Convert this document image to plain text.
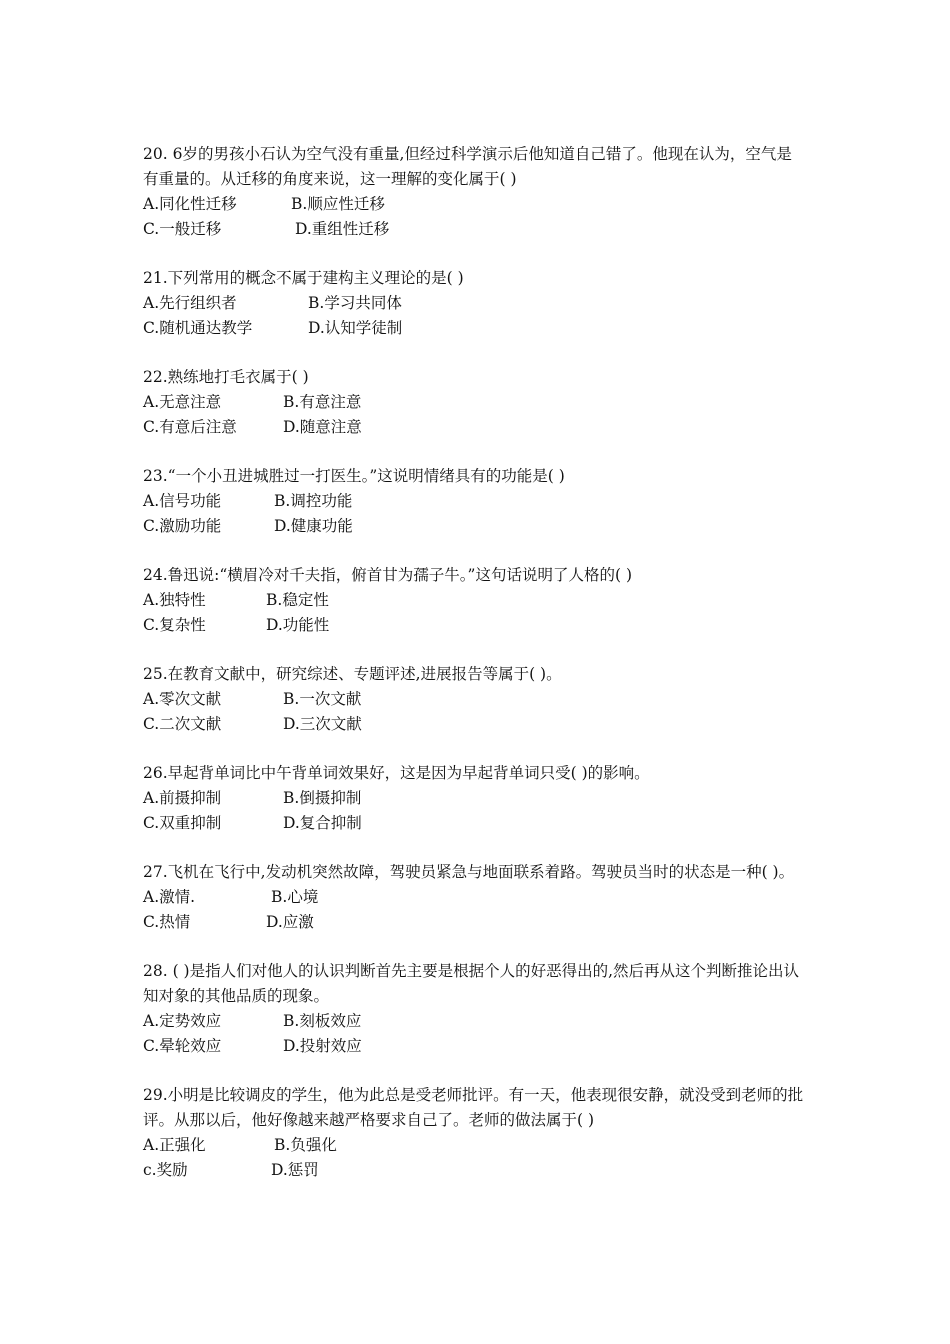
20. 6岁的男孩小石认为空气没有重量,但经过科学演示后他知道自己错了。他现在认为，空气是有重量的。从迁移的角度来说，这一理解的变化属于( )

A.同化性迁移	B.顺应性迁移
C.一般迁移	D.重组性迁移

21.下列常用的概念不属于建构主义理论的是( )

A.先行组织者	B.学习共同体
C.随机通达教学	D.认知学徒制

22.熟练地打毛衣属于( )

A.无意注意	B.有意注意
C.有意后注意	D.随意注意

23.“一个小丑进城胜过一打医生。”这说明情绪具有的功能是( )

A.信号功能	B.调控功能
C.激励功能	D.健康功能

24.鲁迅说:“横眉冷对千夫指，俯首甘为孺子牛。”这句话说明了人格的( )

A.独特性	B.稳定性
C.复杂性	D.功能性

25.在教育文献中，研究综述、专题评述,进展报告等属于( )。

A.零次文献	B.一次文献
C.二次文献	D.三次文献

26.早起背单词比中午背单词效果好，这是因为早起背单词只受( )的影响。

A.前摄抑制	B.倒摄抑制
C.双重抑制	D.复合抑制

27.飞机在飞行中,发动机突然故障，驾驶员紧急与地面联系着路。驾驶员当时的状态是一种( )。

A.激情.	B.心境
C.热情	D.应激

28. ( )是指人们对他人的认识判断首先主要是根据个人的好恶得出的,然后再从这个判断推论出认知对象的其他品质的现象。

A.定势效应	B.刻板效应
C.晕轮效应	D.投射效应

29.小明是比较调皮的学生，他为此总是受老师批评。有一天，他表现很安静，就没受到老师的批评。从那以后，他好像越来越严格要求自己了。老师的做法属于( )

A.正强化	B.负强化
c.奖励	D.惩罚
